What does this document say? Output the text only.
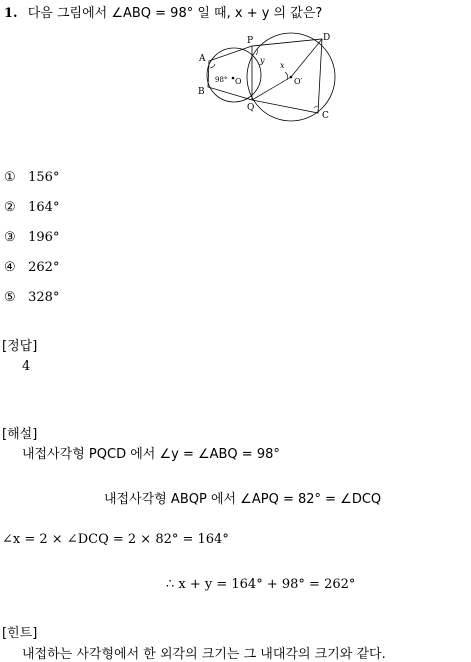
1. 다음 그림에서 ∠ABQ = 98° 일 때, x + y 의 값은?
A
B
P
Q
C
D
O	O′
x
y
98°
① 156°
② 164°
③ 196°
④ 262°
⑤ 328°
[정답]
4
[해설]
내접사각형 PQCD 에서 ∠y = ∠ABQ = 98°
내접사각형 ABQP 에서 ∠APQ = 82° = ∠DCQ
∠x = 2 × ∠DCQ = 2 × 82° = 164°
∴ x + y = 164° + 98° = 262°
[힌트]
내접하는 사각형에서 한 외각의 크기는 그 내대각의 크기와 같다.
